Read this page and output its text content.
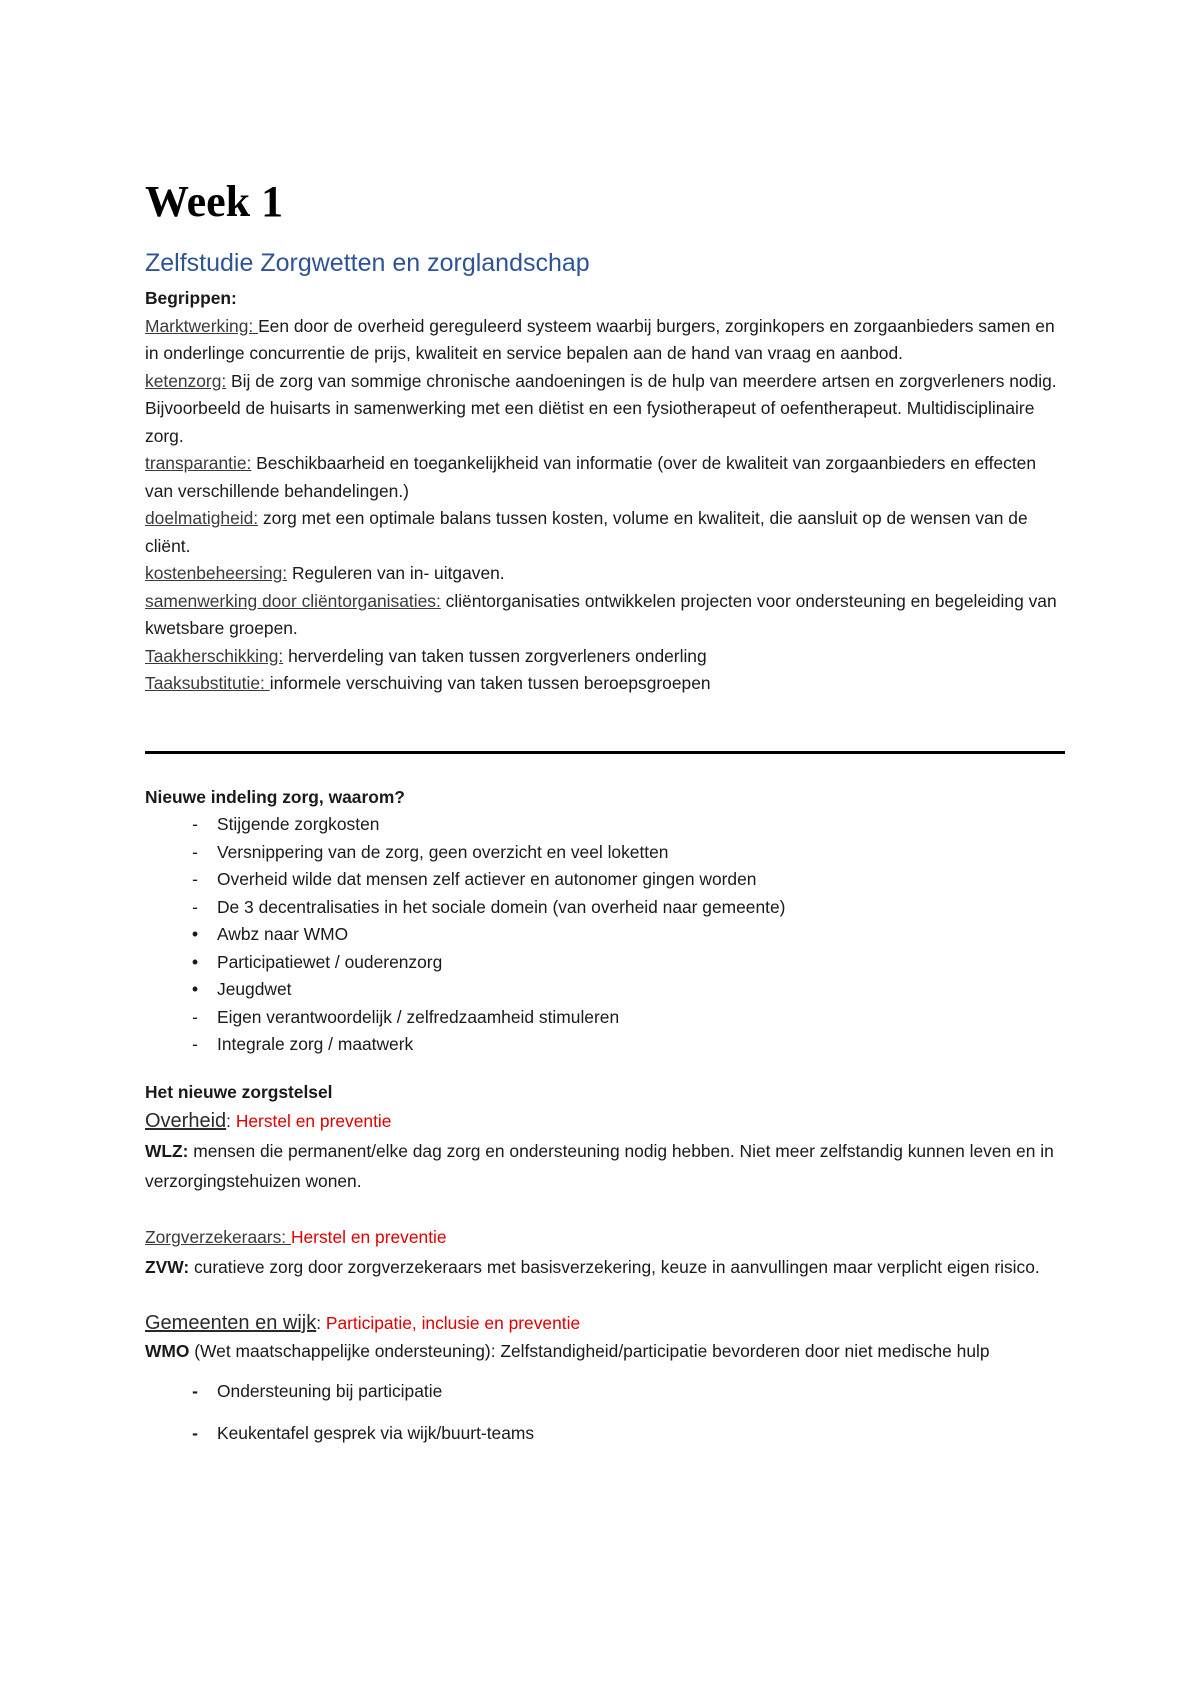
Week 1
Zelfstudie Zorgwetten en zorglandschap

Begrippen:

Marktwerking: Een door de overheid gereguleerd systeem waarbij burgers, zorginkopers en zorgaanbieders samen en in onderlinge concurrentie de prijs, kwaliteit en service bepalen aan de hand van vraag en aanbod.

ketenzorg: Bij de zorg van sommige chronische aandoeningen is de hulp van meerdere artsen en zorgverleners nodig. Bijvoorbeeld de huisarts in samenwerking met een diëtist en een fysiotherapeut of oefentherapeut. Multidisciplinaire zorg.

transparantie: Beschikbaarheid en toegankelijkheid van informatie (over de kwaliteit van zorgaanbieders en effecten van verschillende behandelingen.)

doelmatigheid: zorg met een optimale balans tussen kosten, volume en kwaliteit, die aansluit op de wensen van de cliënt.

kostenbeheersing: Reguleren van in- uitgaven.

samenwerking door cliëntorganisaties: cliëntorganisaties ontwikkelen projecten voor ondersteuning en begeleiding van kwetsbare groepen.

Taakherschikking: herverdeling van taken tussen zorgverleners onderling

Taaksubstitutie: informele verschuiving van taken tussen beroepsgroepen

Nieuwe indeling zorg, waarom?

-	Stijgende zorgkosten
-	Versnippering van de zorg, geen overzicht en veel loketten
-	Overheid wilde dat mensen zelf actiever en autonomer gingen worden
-	De 3 decentralisaties in het sociale domein (van overheid naar gemeente)
•	Awbz naar WMO
•	Participatiewet / ouderenzorg
•	Jeugdwet
-	Eigen verantwoordelijk / zelfredzaamheid stimuleren
-	Integrale zorg / maatwerk

Het nieuwe zorgstelsel

Overheid: Herstel en preventie

WLZ: mensen die permanent/elke dag zorg en ondersteuning nodig hebben. Niet meer zelfstandig kunnen leven en in verzorgingstehuizen wonen.

Zorgverzekeraars: Herstel en preventie

ZVW: curatieve zorg door zorgverzekeraars met basisverzekering, keuze in aanvullingen maar verplicht eigen risico.

Gemeenten en wijk: Participatie, inclusie en preventie

WMO (Wet maatschappelijke ondersteuning): Zelfstandigheid/participatie bevorderen door niet medische hulp

-	Ondersteuning bij participatie
-	Keukentafel gesprek via wijk/buurt-teams
